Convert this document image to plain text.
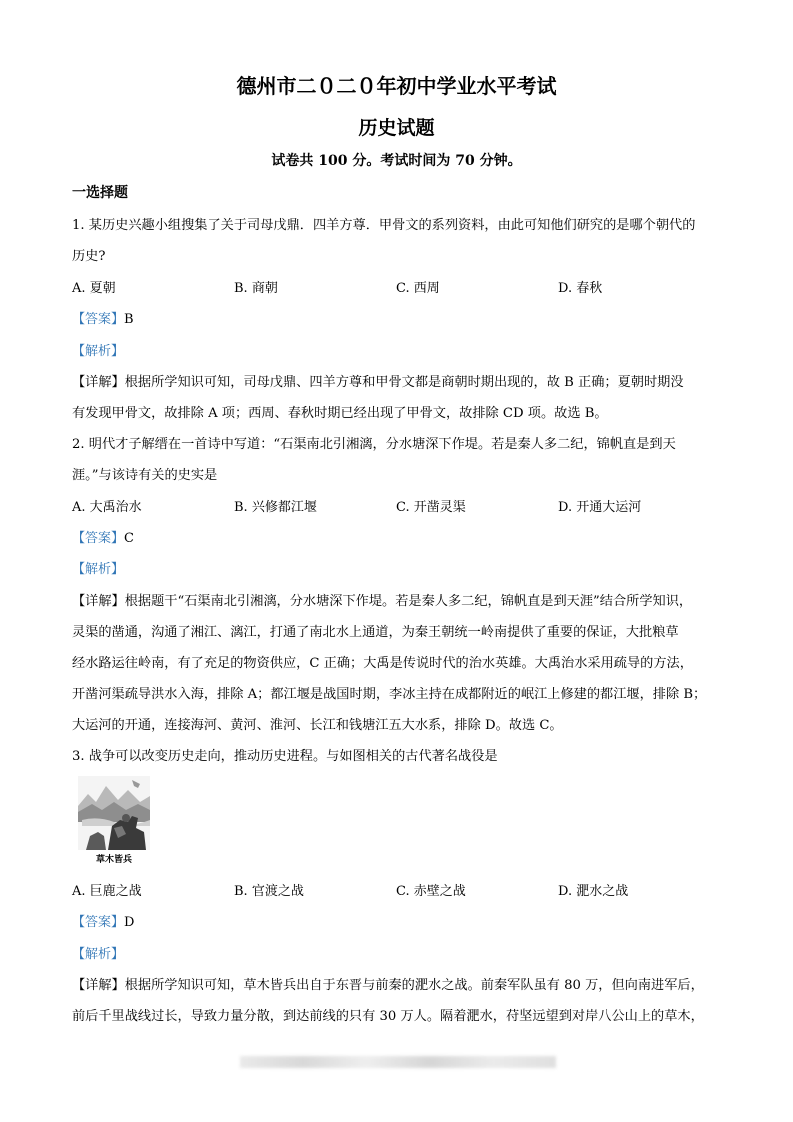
德州市二０二０年初中学业水平考试
历史试题
试卷共 100 分。考试时间为 70 分钟。
一选择题
1. 某历史兴趣小组搜集了关于司母戊鼎．四羊方尊．甲骨文的系列资料，由此可知他们研究的是哪个朝代的
历史?
A. 夏朝	B. 商朝	C. 西周	D. 春秋
【答案】B
【解析】
【详解】根据所学知识可知，司母戊鼎、四羊方尊和甲骨文都是商朝时期出现的，故 B 正确；夏朝时期没
有发现甲骨文，故排除 A 项；西周、春秋时期已经出现了甲骨文，故排除 CD 项。故选 B。
2. 明代才子解缙在一首诗中写道：“石渠南北引湘漓，分水塘深下作堤。若是秦人多二纪，锦帆直是到天
涯。”与该诗有关的史实是
A. 大禹治水	B. 兴修都江堰	C. 开凿灵渠	D. 开通大运河
【答案】C
【解析】
【详解】根据题干“石渠南北引湘漓，分水塘深下作堤。若是秦人多二纪，锦帆直是到天涯”结合所学知识，
灵渠的凿通，沟通了湘江、漓江，打通了南北水上通道，为秦王朝统一岭南提供了重要的保证，大批粮草
经水路运往岭南，有了充足的物资供应，C 正确；大禹是传说时代的治水英雄。大禹治水采用疏导的方法，
开凿河渠疏导洪水入海，排除 A；都江堰是战国时期，李冰主持在成都附近的岷江上修建的都江堰，排除 B；
大运河的开通，连接海河、黄河、淮河、长江和钱塘江五大水系，排除 D。故选 C。
3. 战争可以改变历史走向，推动历史进程。与如图相关的古代著名战役是
草木皆兵
A. 巨鹿之战	B. 官渡之战	C. 赤壁之战	D. 淝水之战
【答案】D
【解析】
【详解】根据所学知识可知，草木皆兵出自于东晋与前秦的淝水之战。前秦军队虽有 80 万，但向南进军后，
前后千里战线过长，导致力量分散，到达前线的只有 30 万人。隔着淝水，苻坚远望到对岸八公山上的草木，
